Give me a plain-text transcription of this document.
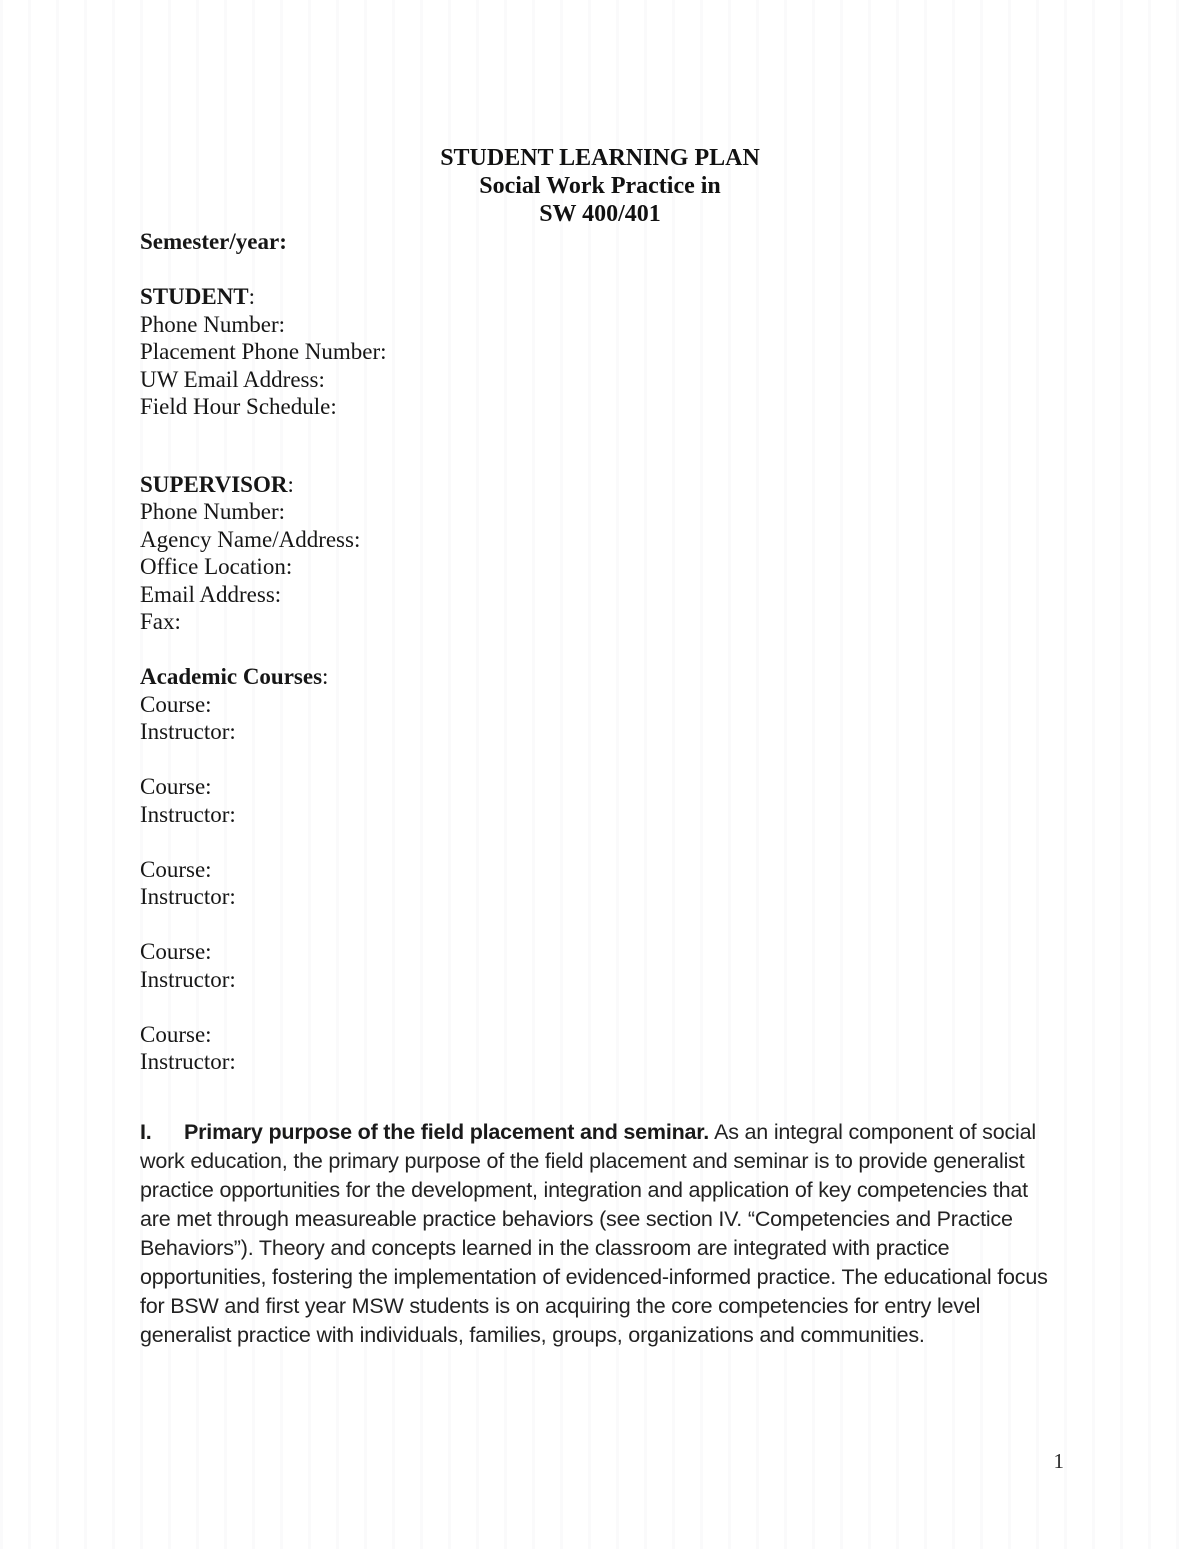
STUDENT LEARNING PLAN
Social Work Practice in
SW 400/401
Semester/year:
STUDENT:
Phone Number:
Placement Phone Number:
UW Email Address:
Field Hour Schedule:
SUPERVISOR:
Phone Number:
Agency Name/Address:
Office Location:
Email Address:
Fax:
Academic Courses:
Course:
Instructor:
Course:
Instructor:
Course:
Instructor:
Course:
Instructor:
Course:
Instructor:
I. Primary purpose of the field placement and seminar. As an integral component of social work education, the primary purpose of the field placement and seminar is to provide generalist practice opportunities for the development, integration and application of key competencies that are met through measureable practice behaviors (see section IV. “Competencies and Practice Behaviors”). Theory and concepts learned in the classroom are integrated with practice opportunities, fostering the implementation of evidenced-informed practice. The educational focus for BSW and first year MSW students is on acquiring the core competencies for entry level generalist practice with individuals, families, groups, organizations and communities.
1
